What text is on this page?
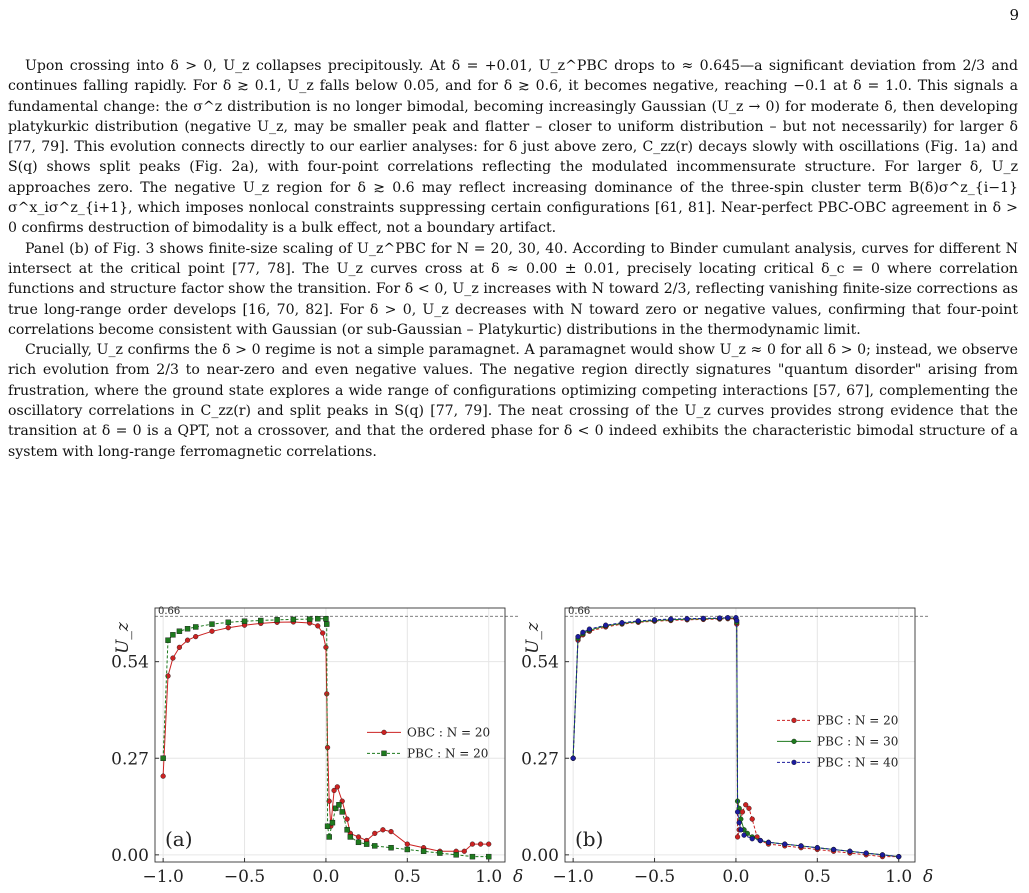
9

Upon crossing into δ > 0, U_z collapses precipitously. At δ = +0.01, U_z^PBC drops to ≈ 0.645—a significant deviation from 2/3 and continues falling rapidly. For δ ≳ 0.1, U_z falls below 0.05, and for δ ≳ 0.6, it becomes negative, reaching −0.1 at δ = 1.0. This signals a fundamental change: the σ^z distribution is no longer bimodal, becoming increasingly Gaussian (U_z → 0) for moderate δ, then developing platykurkic distribution (negative U_z, may be smaller peak and flatter – closer to uniform distribution – but not necessarily) for larger δ [77, 79]. This evolution connects directly to our earlier analyses: for δ just above zero, C_zz(r) decays slowly with oscillations (Fig. 1a) and S(q) shows split peaks (Fig. 2a), with four-point correlations reflecting the modulated incommensurate structure. For larger δ, U_z approaches zero. The negative U_z region for δ ≳ 0.6 may reflect increasing dominance of the three-spin cluster term B(δ)σ^z_{i−1}σ^x_iσ^z_{i+1}, which imposes nonlocal constraints suppressing certain configurations [61, 81]. Near-perfect PBC-OBC agreement in δ > 0 confirms destruction of bimodality is a bulk effect, not a boundary artifact.

Panel (b) of Fig. 3 shows finite-size scaling of U_z^PBC for N = 20, 30, 40. According to Binder cumulant analysis, curves for different N intersect at the critical point [77, 78]. The U_z curves cross at δ ≈ 0.00 ± 0.01, precisely locating critical δ_c = 0 where correlation functions and structure factor show the transition. For δ < 0, U_z increases with N toward 2/3, reflecting vanishing finite-size corrections as true long-range order develops [16, 70, 82]. For δ > 0, U_z decreases with N toward zero or negative values, confirming that four-point correlations become consistent with Gaussian (or sub-Gaussian – Platykurtic) distributions in the thermodynamic limit.

Crucially, U_z confirms the δ > 0 regime is not a simple paramagnet. A paramagnet would show U_z ≈ 0 for all δ > 0; instead, we observe rich evolution from 2/3 to near-zero and even negative values. The negative region directly signatures "quantum disorder" arising from frustration, where the ground state explores a wide range of configurations optimizing competing interactions [57, 67], complementing the oscillatory correlations in C_zz(r) and split peaks in S(q) [77, 79]. The neat crossing of the U_z curves provides strong evidence that the transition at δ = 0 is a QPT, not a crossover, and that the ordered phase for δ < 0 indeed exhibits the characteristic bimodal structure of a system with long-range ferromagnetic correlations.

0.66
−1.0 −0.5	0.0	0.5	1.0
0.00
0.27
0.54
δ
U_z
OBC : N = 20
PBC : N = 20
(a)
0.66
−1.0 −0.5	0.0	0.5	1.0
0.00
0.27
0.54
δ
U_z
PBC : N = 20
PBC : N = 30
PBC : N = 40
(b)
